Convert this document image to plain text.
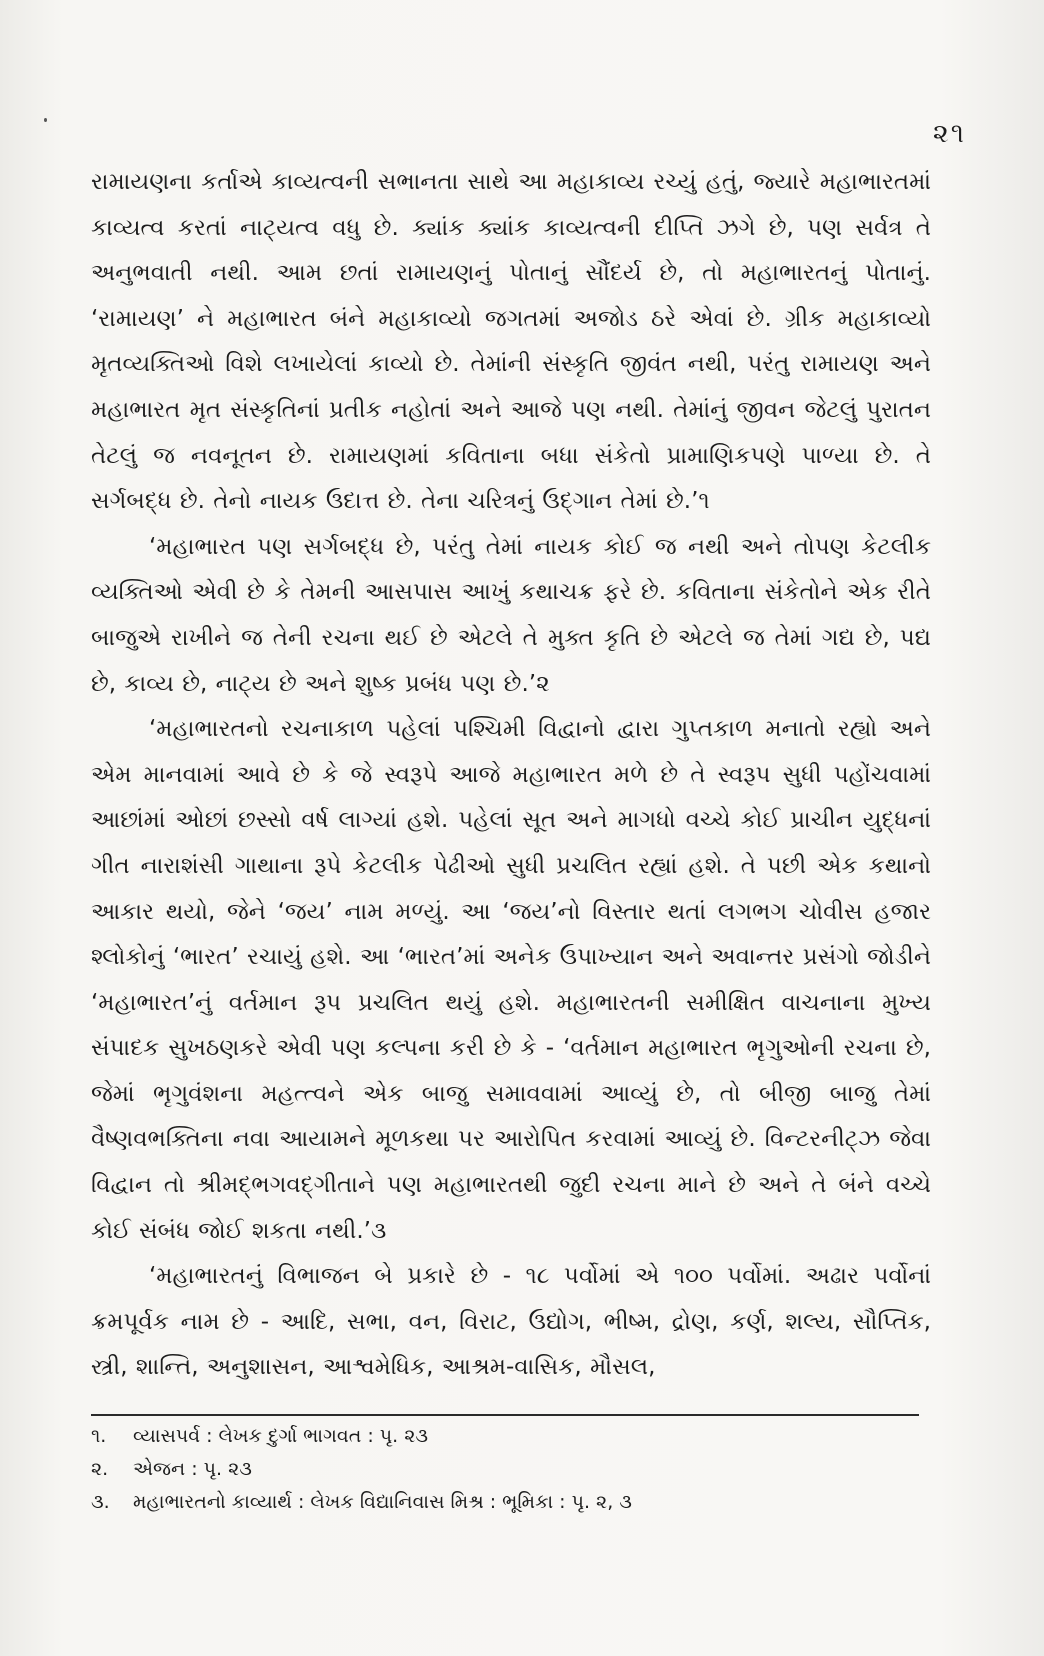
૨૧

રામાયણના કર્તાએ કાવ્યત્વની સભાનતા સાથે આ મહાકાવ્ય રચ્યું હતું, જ્યારે મહાભારતમાં કાવ્યત્વ કરતાં નાટ્યત્વ વધુ છે. ક્યાંક ક્યાંક કાવ્યત્વની દીપ્તિ ઝગે છે, પણ સર્વત્ર તે અનુભવાતી નથી. આમ છતાં રામાયણનું પોતાનું સૌંદર્ય છે, તો મહાભારતનું પોતાનું. ‘રામાયણ’ ને મહાભારત બંને મહાકાવ્યો જગતમાં અજોડ ઠરે એવાં છે. ગ્રીક મહાકાવ્યો મૃતવ્યક્તિઓ વિશે લખાયેલાં કાવ્યો છે. તેમાંની સંસ્કૃતિ જીવંત નથી, પરંતુ રામાયણ અને મહાભારત મૃત સંસ્કૃતિનાં પ્રતીક નહોતાં અને આજે પણ નથી. તેમાંનું જીવન જેટલું પુરાતન તેટલું જ નવનૂતન છે. રામાયણમાં કવિતાના બધા સંકેતો પ્રામાણિકપણે પાળ્યા છે. તે સર્ગબદ્ધ છે. તેનો નાયક ઉદાત્ત છે. તેના ચરિત્રનું ઉદ્‌ગાન તેમાં છે.’૧

‘મહાભારત પણ સર્ગબદ્ધ છે, પરંતુ તેમાં નાયક કોઈ જ નથી અને તોપણ કેટલીક વ્યક્તિઓ એવી છે કે તેમની આસપાસ આખું કથાચક્ર ફરે છે. કવિતાના સંકેતોને એક રીતે બાજુએ રાખીને જ તેની રચના થઈ છે એટલે તે મુક્ત કૃતિ છે એટલે જ તેમાં ગદ્ય છે, પદ્ય છે, કાવ્ય છે, નાટ્ય છે અને શુષ્ક પ્રબંધ પણ છે.’૨

‘મહાભારતનો રચનાકાળ પહેલાં પશ્ચિમી વિદ્વાનો દ્વારા ગુપ્તકાળ મનાતો રહ્યો અને એમ માનવામાં આવે છે કે જે સ્વરૂપે આજે મહાભારત મળે છે તે સ્વરૂપ સુધી પહોંચવામાં આછાંમાં ઓછાં છસ્સો વર્ષ લાગ્યાં હશે. પહેલાં સૂત અને માગધો વચ્ચે કોઈ પ્રાચીન યુદ્ધનાં ગીત નારાશંસી ગાથાના રૂપે કેટલીક પેઢીઓ સુધી પ્રચલિત રહ્યાં હશે. તે પછી એક કથાનો આકાર થયો, જેને ‘જય’ નામ મળ્યું. આ ‘જય’નો વિસ્તાર થતાં લગભગ ચોવીસ હજાર શ્લોકોનું ‘ભારત’ રચાયું હશે. આ ‘ભારત’માં અનેક ઉપાખ્યાન અને અવાન્તર પ્રસંગો જોડીને ‘મહાભારત’નું વર્તમાન રૂપ પ્રચલિત થયું હશે. મહાભારતની સમીક્ષિત વાચનાના મુખ્ય સંપાદક સુખઠણકરે એવી પણ કલ્પના કરી છે કે - ‘વર્તમાન મહાભારત ભૃગુઓની રચના છે, જેમાં ભૃગુવંશના મહત્ત્વને એક બાજુ સમાવવામાં આવ્યું છે, તો બીજી બાજુ તેમાં વૈષ્ણવભક્તિના નવા આયામને મૂળકથા પર આરોપિત કરવામાં આવ્યું છે. વિન્ટરનીટ્ઝ જેવા વિદ્વાન તો શ્રીમદ્‌ભગવદ્‌ગીતાને પણ મહાભારતથી જુદી રચના માને છે અને તે બંને વચ્ચે કોઈ સંબંધ જોઈ શકતા નથી.’૩

‘મહાભારતનું વિભાજન બે પ્રકારે છે - ૧૮ પર્વોમાં એ ૧૦૦ પર્વોમાં. અઢાર પર્વોનાં ક્રમપૂર્વક નામ છે - આદિ, સભા, વન, વિરાટ, ઉદ્યોગ, ભીષ્મ, દ્રોણ, કર્ણ, શલ્ય, સૌપ્તિક, સ્ત્રી, શાન્તિ, અનુશાસન, આશ્વમેધિક, આશ્રમ-વાસિક, મૌસલ,

૧.	વ્યાસપર્વ : લેખક દુર્ગા ભાગવત : પૃ. ૨૩
૨.	એજન : પૃ. ૨૩
૩.	મહાભારતનો કાવ્યાર્થ : લેખક વિદ્યાનિવાસ મિશ્ર : ભૂમિકા : પૃ. ૨, ૩
